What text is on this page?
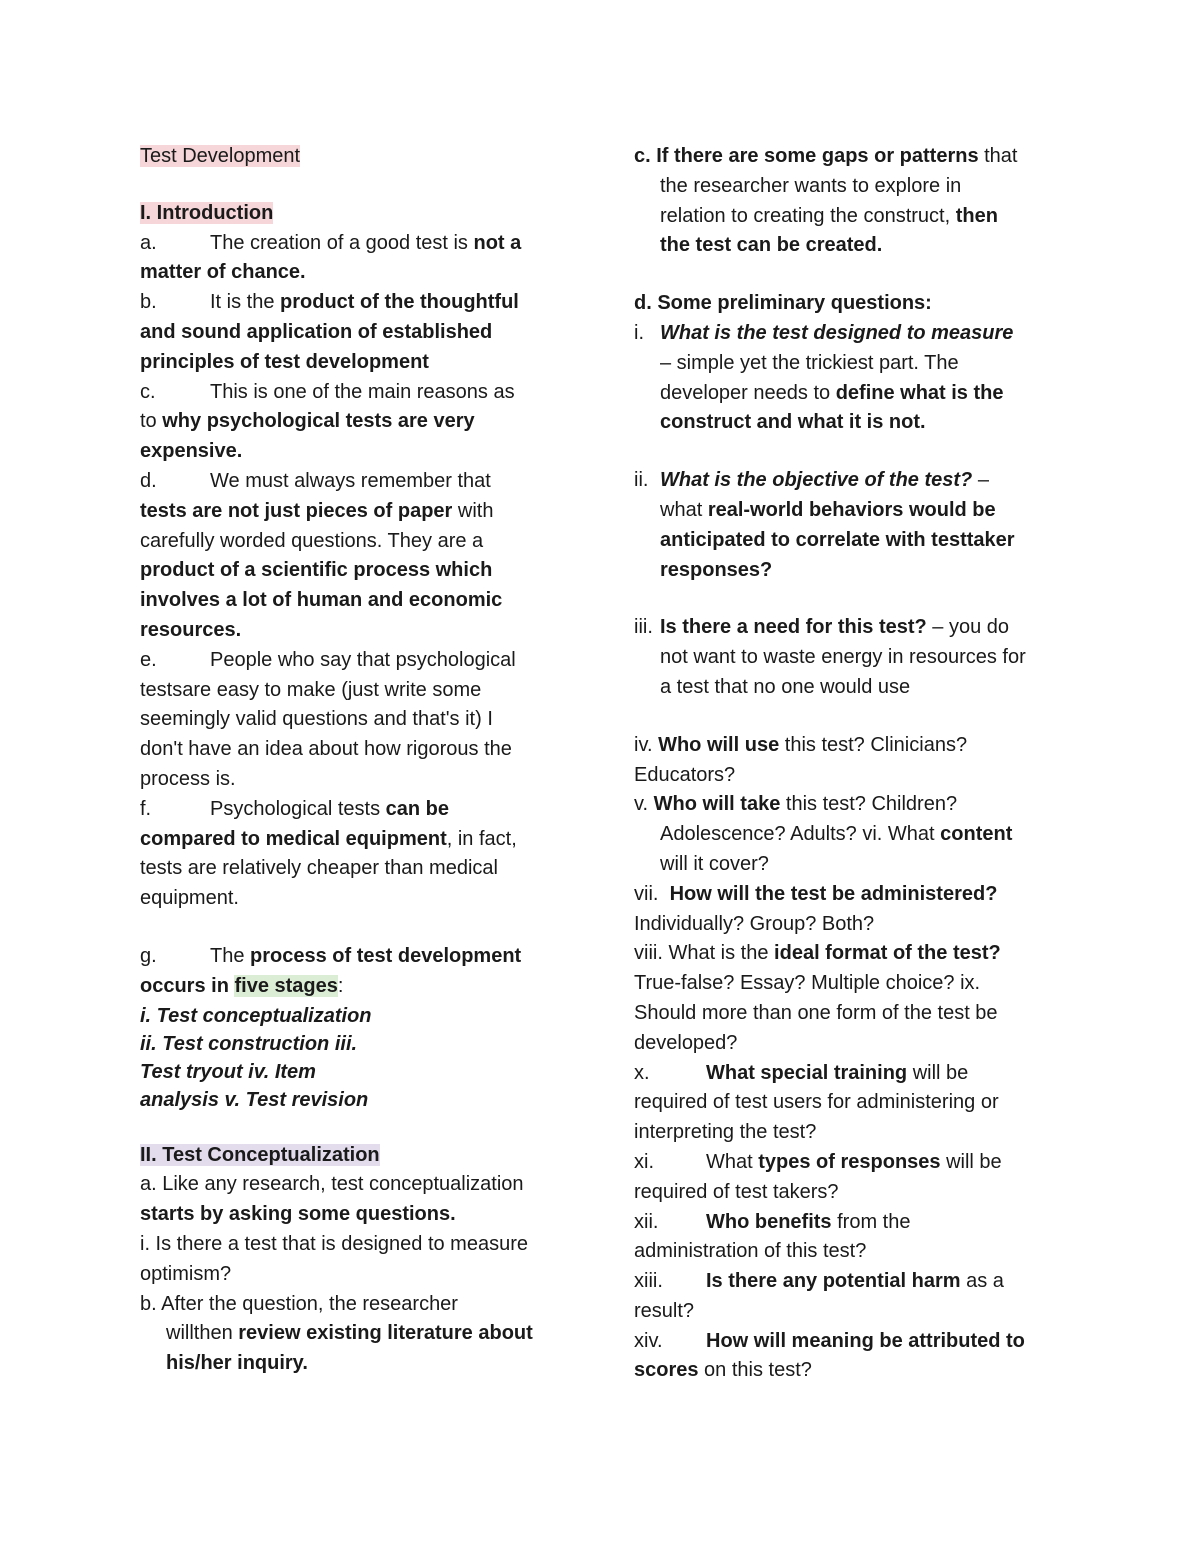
Test Development
I. Introduction
a.	The creation of a good test is not a
matter of chance.
b.	It is the product of the thoughtful
and sound application of established
principles of test development
c.	This is one of the main reasons as
to why psychological tests are very
expensive.
d.	We must always remember that
tests are not just pieces of paper with
carefully worded questions. They are a
product of a scientific process which
involves a lot of human and economic
resources.
e.	People who say that psychological
testsare easy to make (just write some
seemingly valid questions and that's it) I
don't have an idea about how rigorous the
process is.
f.	Psychological tests can be
compared to medical equipment, in fact,
tests are relatively cheaper than medical
equipment.
g.	The process of test development
occurs in five stages:
i. Test conceptualization
ii. Test construction iii.
Test tryout iv. Item
analysis v. Test revision
II. Test Conceptualization
a. Like any research, test conceptualization
starts by asking some questions.
i. Is there a test that is designed to measure
optimism?
b. After the question, the researcher
willthen review existing literature about
his/her inquiry.
c. If there are some gaps or patterns that
the researcher wants to explore in
relation to creating the construct, then
the test can be created.
d. Some preliminary questions:
i. What is the test designed to measure
– simple yet the trickiest part. The
developer needs to define what is the
construct and what it is not.
ii. What is the objective of the test? –
what real-world behaviors would be
anticipated to correlate with testtaker
responses?
iii. Is there a need for this test? – you do
not want to waste energy in resources for
a test that no one would use
iv. Who will use this test? Clinicians?
Educators?
v. Who will take this test? Children?
Adolescence? Adults? vi. What content
will it cover?
vii. How will the test be administered?
Individually? Group? Both?
viii. What is the ideal format of the test?
True-false? Essay? Multiple choice? ix.
Should more than one form of the test be
developed?
x.	What special training will be
required of test users for administering or
interpreting the test?
xi.	What types of responses will be
required of test takers?
xii. Who benefits from the
administration of this test?
xiii. Is there any potential harm as a
result?
xiv. How will meaning be attributed to
scores on this test?
